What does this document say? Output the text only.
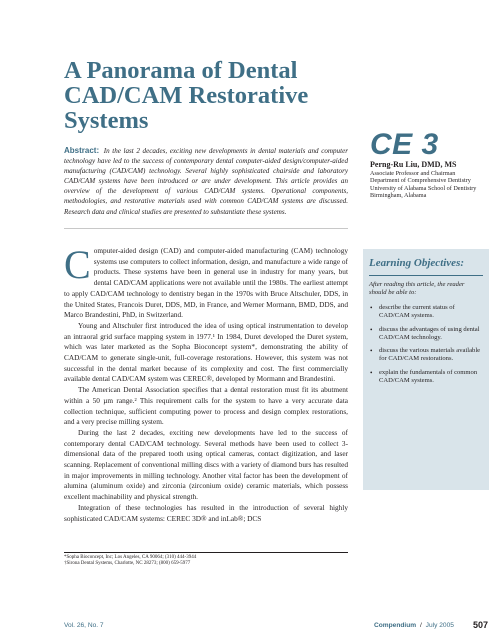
A Panorama of Dental
CAD/CAM Restorative
Systems
CE 3
Perng-Ru Liu, DMD, MS
Associate Professor and Chairman
Department of Comprehensive Dentistry
University of Alabama School of Dentistry
Birmingham, Alabama
Abstract: In the last 2 decades, exciting new developments in dental materials and computer technology have led to the success of contemporary dental computer-aided design/computer-aided manufacturing (CAD/CAM) technology. Several highly sophisticated chairside and laboratory CAD/CAM systems have been introduced or are under development. This article provides an overview of the development of various CAD/CAM systems. Operational components, methodologies, and restorative materials used with common CAD/CAM systems are discussed. Research data and clinical studies are presented to substantiate these systems.

Computer-aided design (CAD) and computer-aided manufacturing (CAM) technology systems use computers to collect information, design, and manufacture a wide range of products. These systems have been in general use in industry for many years, but dental CAD/CAM applications were not available until the 1980s. The earliest attempt to apply CAD/CAM technology to dentistry began in the 1970s with Bruce Altschuler, DDS, in the United States, Francois Duret, DDS, MD, in France, and Werner Mormann, BMD, DDS, and Marco Brandestini, PhD, in Switzerland.

Young and Altschuler first introduced the idea of using optical instrumentation to develop an intraoral grid surface mapping system in 1977.¹ In 1984, Duret developed the Duret system, which was later marketed as the Sopha Bioconcept system*, demonstrating the ability of CAD/CAM to generate single-unit, full-coverage restorations. However, this system was not successful in the dental market because of its complexity and cost. The first commercially available dental CAD/CAM system was CEREC®, developed by Mormann and Brandestini.

The American Dental Association specifies that a dental restoration must fit its abutment within a 50 µm range.² This requirement calls for the system to have a very accurate data collection technique, sufficient computing power to process and design complex restorations, and a very precise milling system.

During the last 2 decades, exciting new developments have led to the success of contemporary dental CAD/CAM technology. Several methods have been used to collect 3-dimensional data of the prepared tooth using optical cameras, contact digitization, and laser scanning. Replacement of conventional milling discs with a variety of diamond burs has resulted in major improvements in milling technology. Another vital factor has been the development of alumina (aluminum oxide) and zirconia (zirconium oxide) ceramic materials, which possess excellent machinability and physical strength.

Integration of these technologies has resulted in the introduction of several highly sophisticated CAD/CAM systems: CEREC 3D® and inLab®; DCS

*Sopha Bioconcept, Inc; Los Angeles, CA 90064; (310) 444-3944
†Sirona Dental Systems, Charlotte, NC 28273; (800) 659-5977
Learning Objectives:
After reading this article, the reader should be able to:
• describe the current status of CAD/CAM systems.
• discuss the advantages of using dental CAD/CAM technology.
• discuss the various materials available for CAD/CAM restorations.
• explain the fundamentals of common CAD/CAM systems.
Vol. 26, No. 7	Compendium / July 2005 507
